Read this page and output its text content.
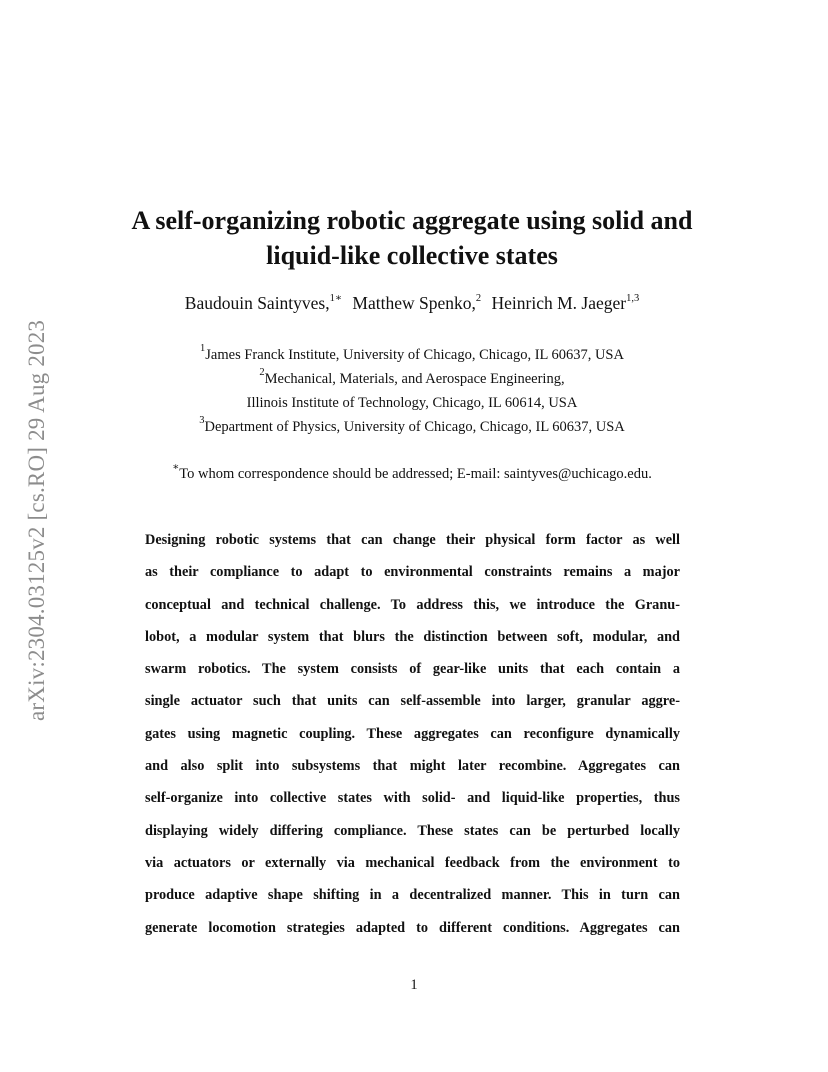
arXiv:2304.03125v2 [cs.RO] 29 Aug 2023
A self-organizing robotic aggregate using solid and
liquid-like collective states
Baudouin Saintyves,$^{1∗}$ Matthew Spenko,$^2$ Heinrich M. Jaeger$^{1,3}$
$^1$James Franck Institute, University of Chicago, Chicago, IL 60637, USA
$^2$Mechanical, Materials, and Aerospace Engineering,
Illinois Institute of Technology, Chicago, IL 60614, USA
$^3$Department of Physics, University of Chicago, Chicago, IL 60637, USA
∗To whom correspondence should be addressed; E-mail: saintyves@uchicago.edu.
Designing robotic systems that can change their physical form factor as well
as their compliance to adapt to environmental constraints remains a major
conceptual and technical challenge. To address this, we introduce the Granu-
lobot, a modular system that blurs the distinction between soft, modular, and
swarm robotics. The system consists of gear-like units that each contain a
single actuator such that units can self-assemble into larger, granular aggre-
gates using magnetic coupling. These aggregates can reconfigure dynamically
and also split into subsystems that might later recombine. Aggregates can
self-organize into collective states with solid- and liquid-like properties, thus
displaying widely differing compliance. These states can be perturbed locally
via actuators or externally via mechanical feedback from the environment to
produce adaptive shape shifting in a decentralized manner. This in turn can
generate locomotion strategies adapted to different conditions. Aggregates can
1
